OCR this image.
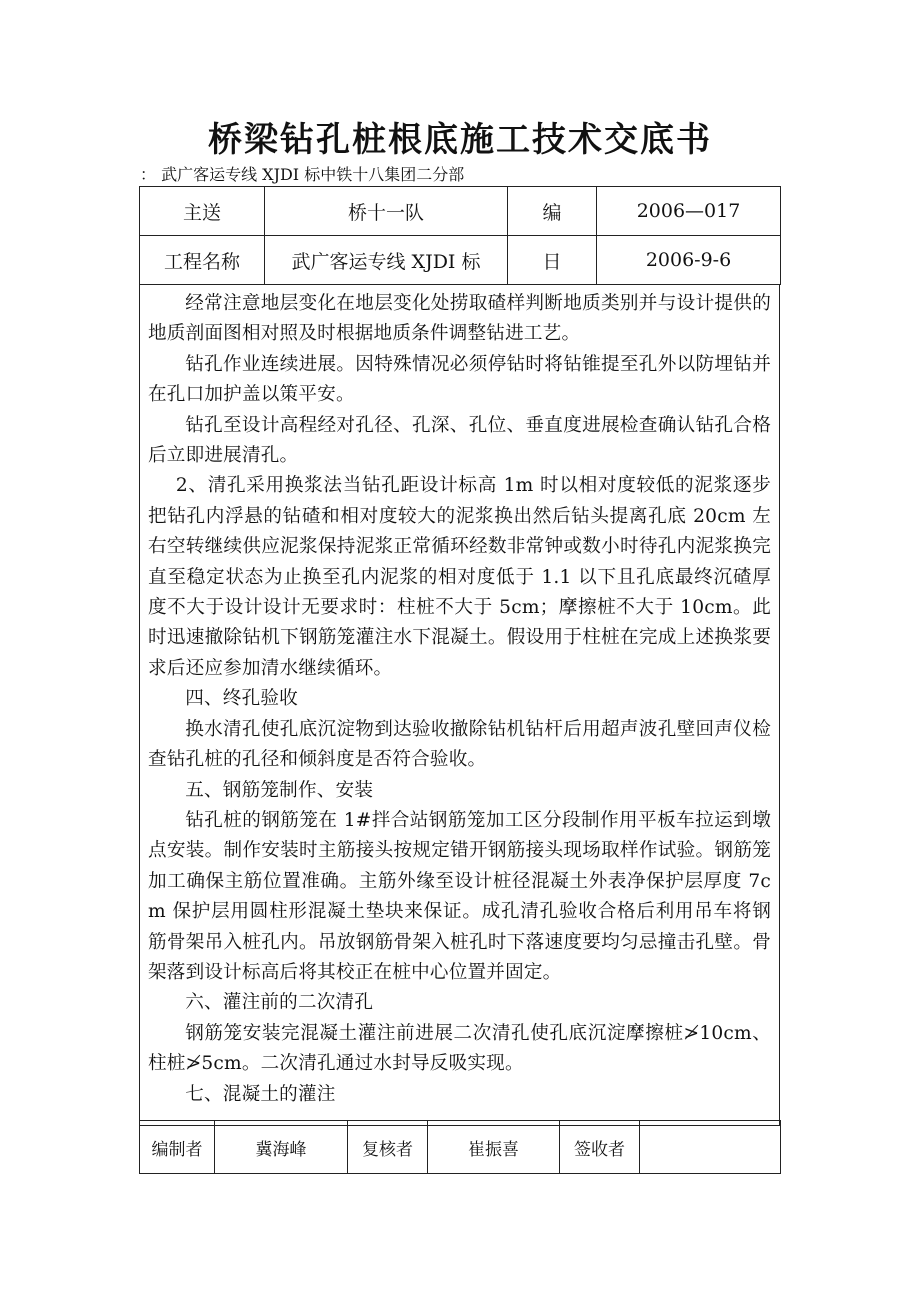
桥梁钻孔桩根底施工技术交底书
： 武广客运专线 XJDI 标中铁十八集团二分部
主送	桥十一队	编	2006—017
工程名称	武广客运专线 XJDI 标	日	2006-9-6

经常注意地层变化在地层变化处捞取碴样判断地质类别并与设计提供的地质剖面图相对照及时根据地质条件调整钻进工艺。

钻孔作业连续进展。因特殊情况必须停钻时将钻锥提至孔外以防埋钻并在孔口加护盖以策平安。

钻孔至设计高程经对孔径、孔深、孔位、垂直度进展检查确认钻孔合格后立即进展清孔。

2、清孔采用换浆法当钻孔距设计标高 1m 时以相对度较低的泥浆逐步把钻孔内浮悬的钻碴和相对度较大的泥浆换出然后钻头提离孔底 20cm 左右空转继续供应泥浆保持泥浆正常循环经数非常钟或数小时待孔内泥浆换完直至稳定状态为止换至孔内泥浆的相对度低于 1.1 以下且孔底最终沉碴厚度不大于设计设计无要求时：柱桩不大于 5cm；摩擦桩不大于 10cm。此时迅速撤除钻机下钢筋笼灌注水下混凝土。假设用于柱桩在完成上述换浆要求后还应参加清水继续循环。

四、终孔验收

换水清孔使孔底沉淀物到达验收撤除钻机钻杆后用超声波孔壁回声仪检查钻孔桩的孔径和倾斜度是否符合验收。

五、钢筋笼制作、安装

钻孔桩的钢筋笼在 1#拌合站钢筋笼加工区分段制作用平板车拉运到墩点安装。制作安装时主筋接头按规定错开钢筋接头现场取样作试验。钢筋笼加工确保主筋位置准确。主筋外缘至设计桩径混凝土外表净保护层厚度 7cm 保护层用圆柱形混凝土垫块来保证。成孔清孔验收合格后利用吊车将钢筋骨架吊入桩孔内。吊放钢筋骨架入桩孔时下落速度要均匀忌撞击孔壁。骨架落到设计标高后将其校正在桩中心位置并固定。

六、灌注前的二次清孔

钢筋笼安装完混凝土灌注前进展二次清孔使孔底沉淀摩擦桩≯10cm、柱桩≯5cm。二次清孔通过水封导反吸实现。

七、混凝土的灌注

编制者	冀海峰	复核者	崔振喜	签收者	
